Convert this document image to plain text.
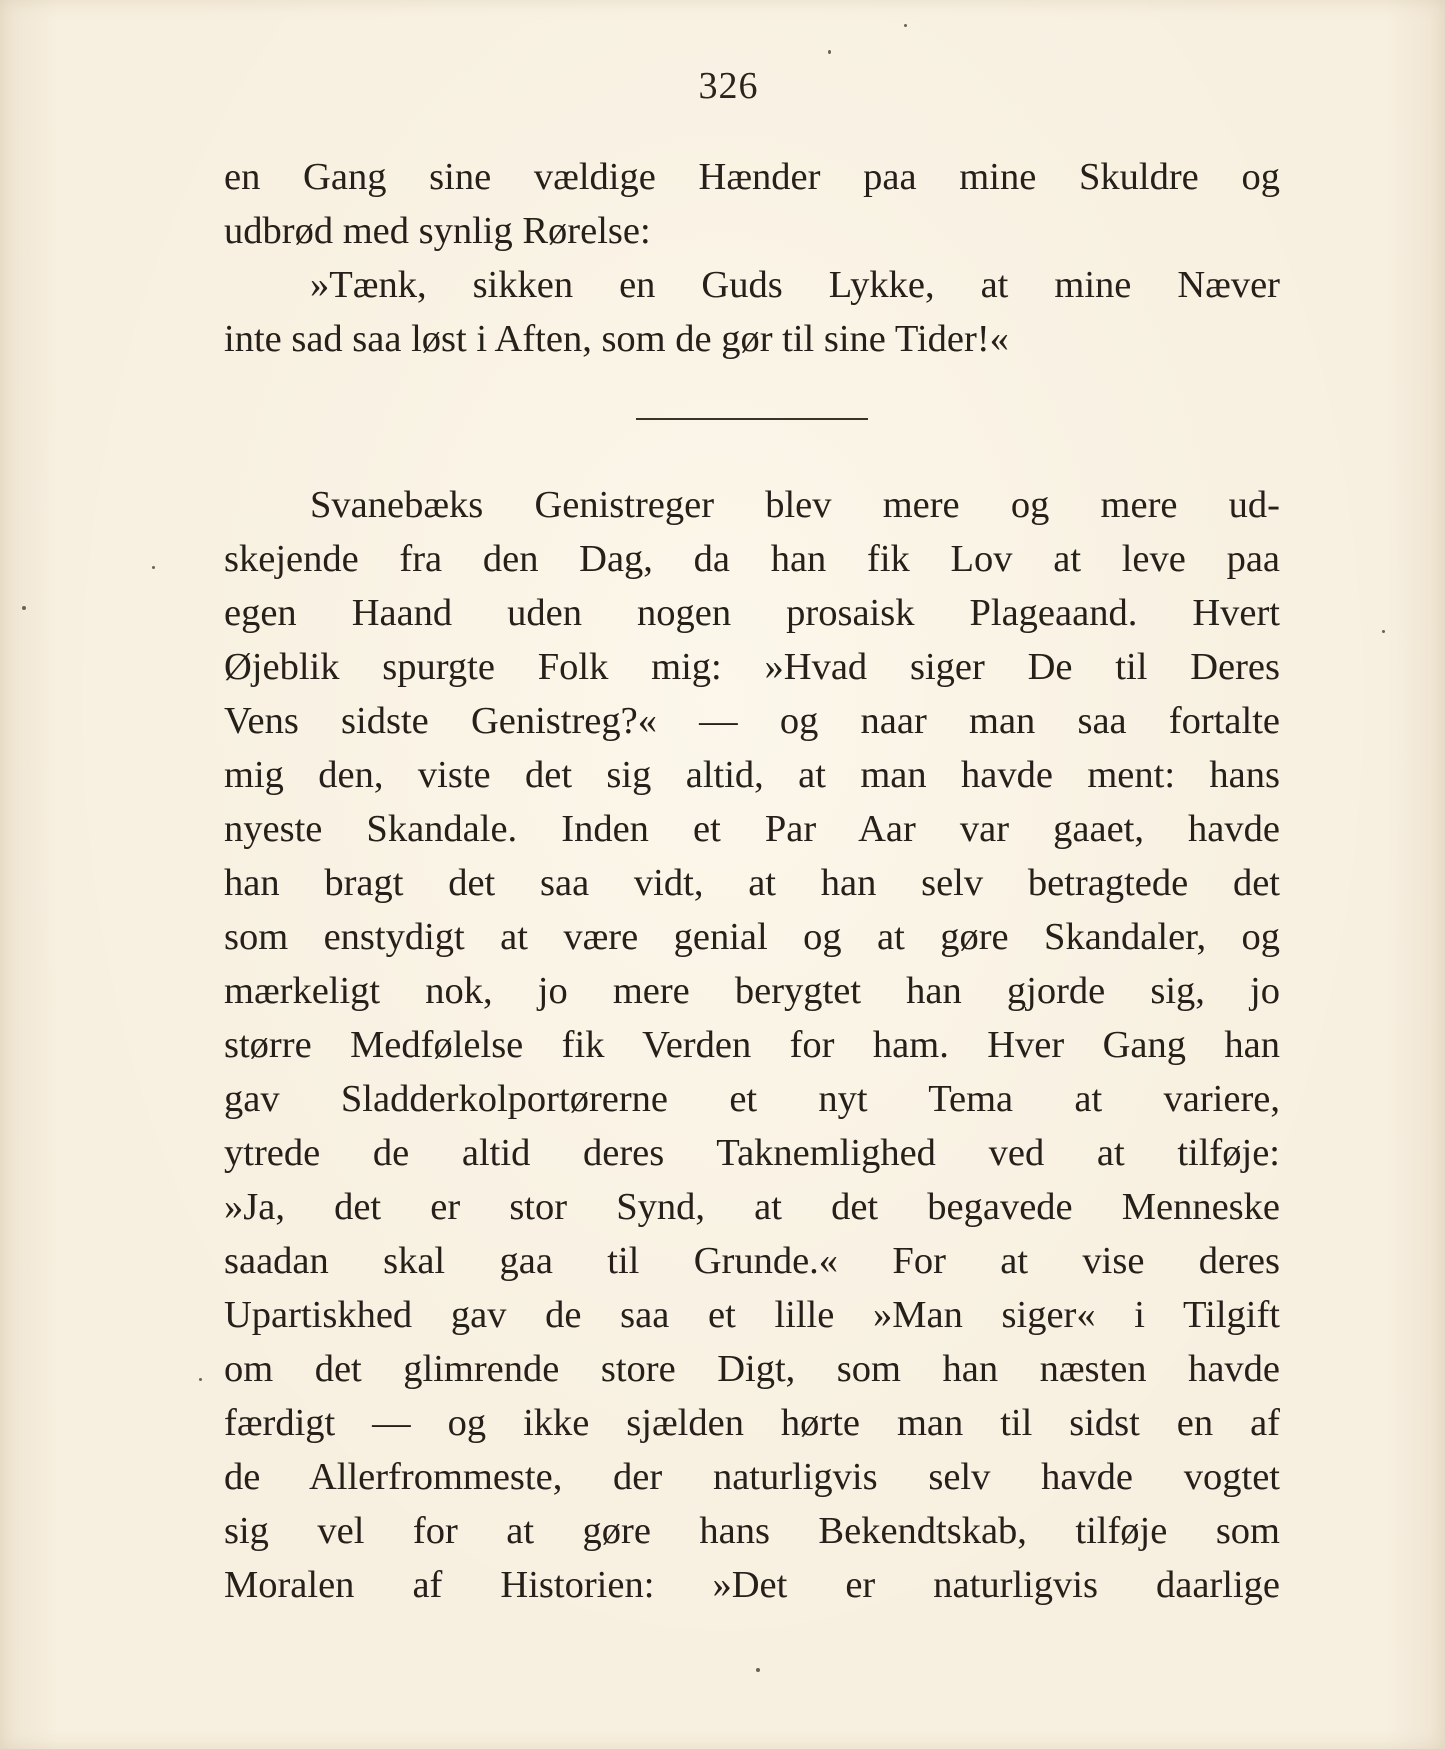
326
en Gang sine vældige Hænder paa mine Skuldre og
udbrød med synlig Rørelse:
»Tænk, sikken en Guds Lykke, at mine Næver
inte sad saa løst i Aften, som de gør til sine Tider!«
Svanebæks Genistreger blev mere og mere ud-
skejende fra den Dag, da han fik Lov at leve paa
egen Haand uden nogen prosaisk Plageaand. Hvert
Øjeblik spurgte Folk mig: »Hvad siger De til Deres
Vens sidste Genistreg?« — og naar man saa fortalte
mig den, viste det sig altid, at man havde ment: hans
nyeste Skandale. Inden et Par Aar var gaaet, havde
han bragt det saa vidt, at han selv betragtede det
som enstydigt at være genial og at gøre Skandaler, og
mærkeligt nok, jo mere berygtet han gjorde sig, jo
større Medfølelse fik Verden for ham. Hver Gang han
gav Sladderkolportørerne et nyt Tema at variere,
ytrede de altid deres Taknemlighed ved at tilføje:
»Ja, det er stor Synd, at det begavede Menneske
saadan skal gaa til Grunde.« For at vise deres
Upartiskhed gav de saa et lille »Man siger« i Tilgift
om det glimrende store Digt, som han næsten havde
færdigt — og ikke sjælden hørte man til sidst en af
de Allerfrommeste, der naturligvis selv havde vogtet
sig vel for at gøre hans Bekendtskab, tilføje som
Moralen af Historien: »Det er naturligvis daarlige
